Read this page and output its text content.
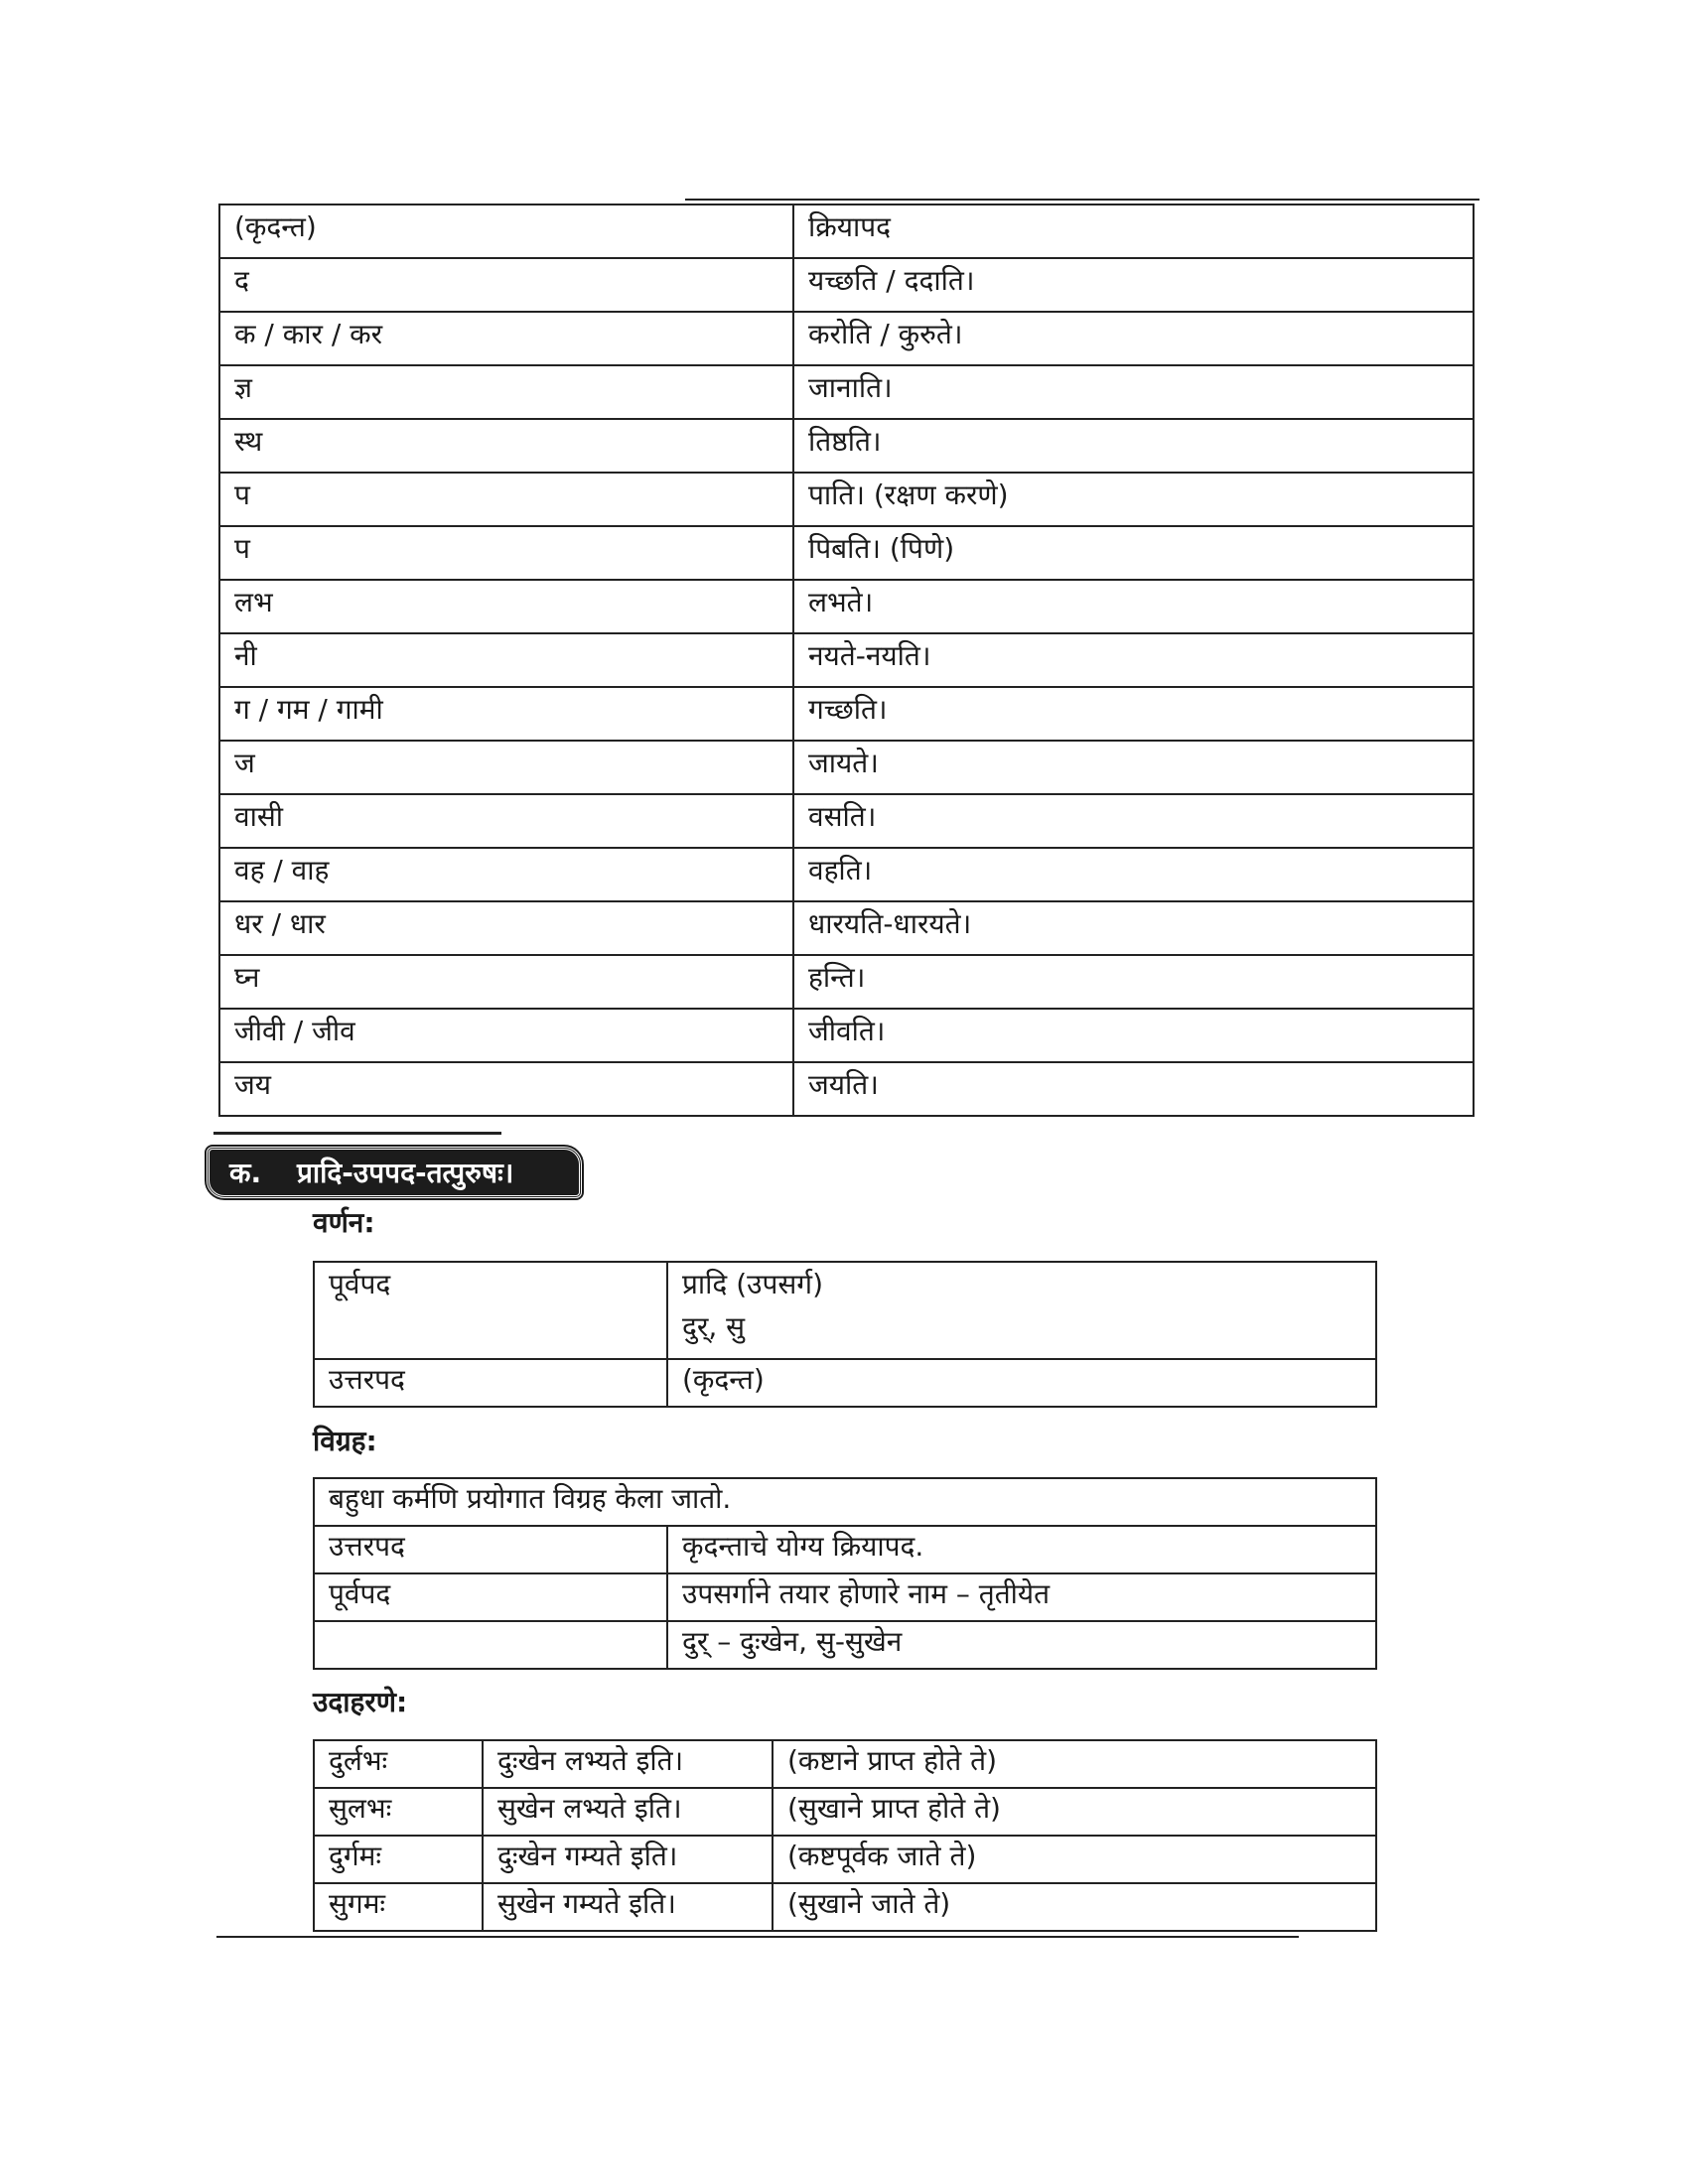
(कृदन्त)	क्रियापद
द	यच्छति / ददाति।
क / कार / कर	करोति / कुरुते।
ज्ञ	जानाति।
स्थ	तिष्ठति।
प	पाति। (रक्षण करणे)
प	पिबति। (पिणे)
लभ	लभते।
नी	नयते-नयति।
ग / गम / गामी	गच्छति।
ज	जायते।
वासी	वसति।
वह / वाह	वहति।
धर / धार	धारयति-धारयते।
घ्न	हन्ति।
जीवी / जीव	जीवति।
जय	जयति।
क.	प्रादि-उपपद-तत्पुरुषः।
वर्णन:
पूर्वपद	प्रादि (उपसर्ग)
दुर्, सु

उत्तरपद	(कृदन्त)
विग्रह:
बहुधा कर्मणि प्रयोगात विग्रह केला जातो.	
उत्तरपद	कृदन्ताचे योग्य क्रियापद.
पूर्वपद	उपसर्गाने तयार होणारे नाम – तृतीयेत
	दुर् – दुःखेन, सु-सुखेन
उदाहरणे:
दुर्लभः	दुःखेन लभ्यते इति।	(कष्टाने प्राप्त होते ते)
सुलभः	सुखेन लभ्यते इति।	(सुखाने प्राप्त होते ते)
दुर्गमः	दुःखेन गम्यते इति।	(कष्टपूर्वक जाते ते)
सुगमः	सुखेन गम्यते इति।	(सुखाने जाते ते)
